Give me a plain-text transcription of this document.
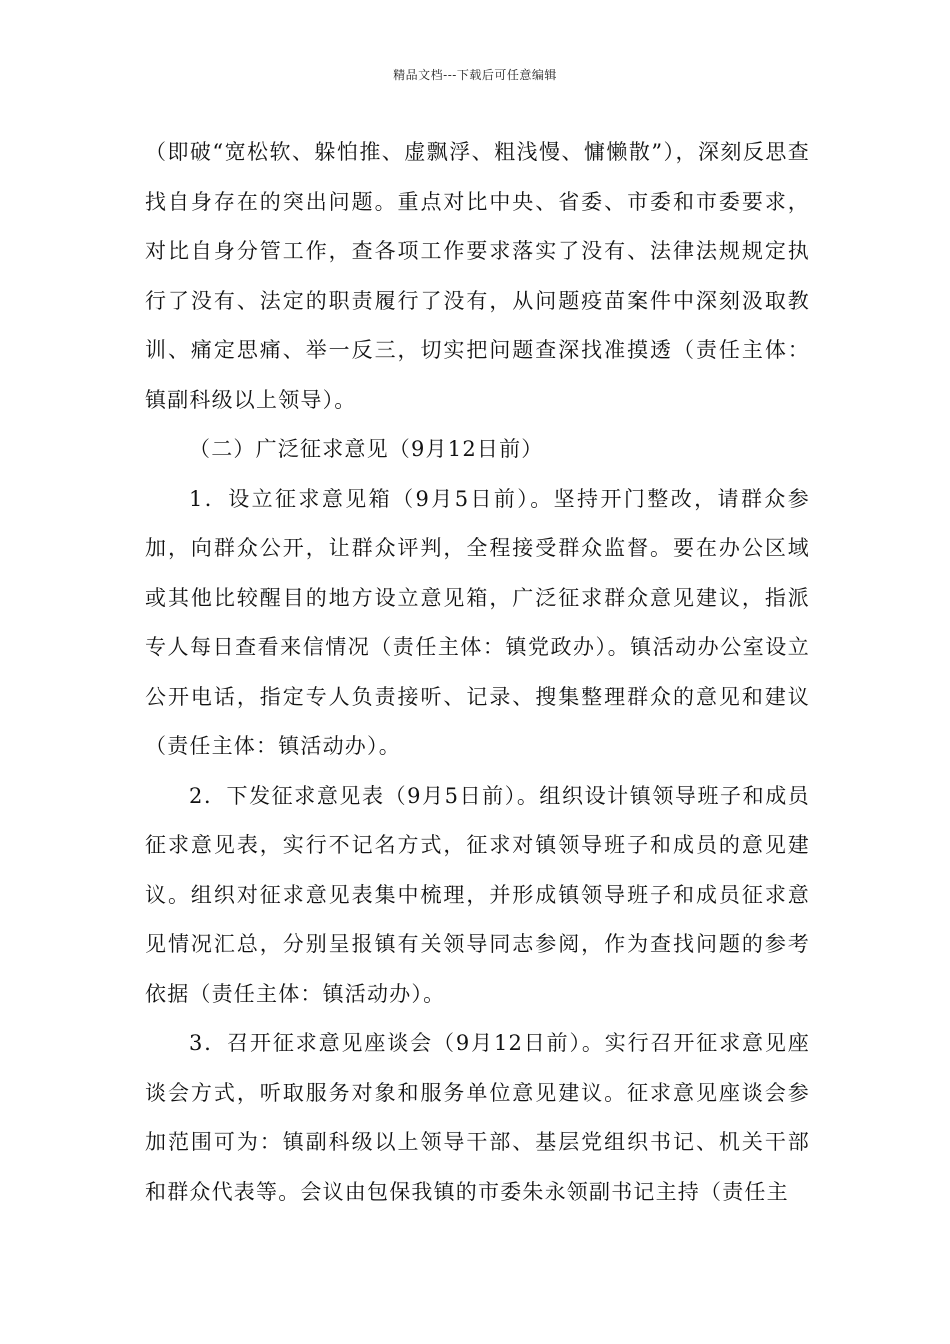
精品文档---下载后可任意编辑

（即破“宽松软、躲怕推、虚飘浮、粗浅慢、慵懒散”），深刻反思查找自身存在的突出问题。重点对比中央、省委、市委和市委要求，对比自身分管工作，查各项工作要求落实了没有、法律法规规定执行了没有、法定的职责履行了没有，从问题疫苗案件中深刻汲取教训、痛定思痛、举一反三，切实把问题查深找准摸透（责任主体：镇副科级以上领导）。

（二）广泛征求意见（9月12日前）

1．设立征求意见箱（9月5日前）。坚持开门整改，请群众参加，向群众公开，让群众评判，全程接受群众监督。要在办公区域或其他比较醒目的地方设立意见箱，广泛征求群众意见建议，指派专人每日查看来信情况（责任主体：镇党政办）。镇活动办公室设立公开电话，指定专人负责接听、记录、搜集整理群众的意见和建议（责任主体：镇活动办）。

2．下发征求意见表（9月5日前）。组织设计镇领导班子和成员征求意见表，实行不记名方式，征求对镇领导班子和成员的意见建议。组织对征求意见表集中梳理，并形成镇领导班子和成员征求意见情况汇总，分别呈报镇有关领导同志参阅，作为查找问题的参考依据（责任主体：镇活动办）。

3．召开征求意见座谈会（9月12日前）。实行召开征求意见座谈会方式，听取服务对象和服务单位意见建议。征求意见座谈会参加范围可为：镇副科级以上领导干部、基层党组织书记、机关干部和群众代表等。会议由包保我镇的市委朱永领副书记主持（责任主
